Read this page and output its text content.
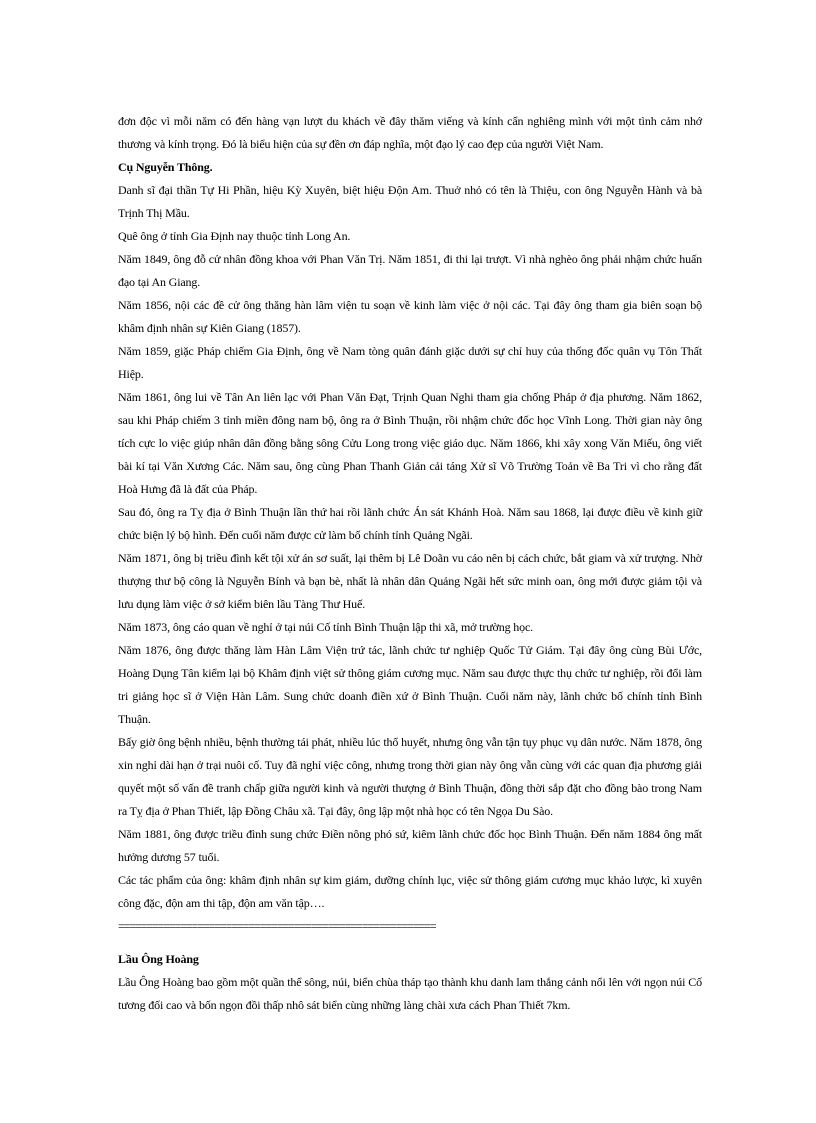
đơn độc vì mỗi năm có đến hàng vạn lượt du khách về đây thăm viếng và kính cẩn nghiêng mình với một tình cảm nhớ thương và kính trọng. Đó là biểu hiện của sự đền ơn đáp nghĩa, một đạo lý cao đẹp của người Việt Nam.

Cụ Nguyễn Thông.

Danh sĩ đại thần Tự Hi Phần, hiệu Kỳ Xuyên, biệt hiệu Độn Am. Thuở nhỏ có tên là Thiệu, con ông Nguyễn Hành và bà Trịnh Thị Mầu.

Quê ông ở tỉnh Gia Định nay thuộc tỉnh Long An.

Năm 1849, ông đỗ cử nhân đồng khoa với Phan Văn Trị. Năm 1851, đi thi lại trượt. Vì nhà nghèo ông phải nhậm chức huấn đạo tại An Giang.

Năm 1856, nội các đề cử ông thăng hàn lâm viện tu soạn về kinh làm việc ở nội các. Tại đây ông tham gia biên soạn bộ khâm định nhân sự Kiên Giang (1857).

Năm 1859, giặc Pháp chiếm Gia Định, ông về Nam tòng quân đánh giặc dưới sự chỉ huy của thống đốc quân vụ Tôn Thất Hiệp.

Năm 1861, ông lui về Tân An liên lạc với Phan Văn Đạt, Trịnh Quan Nghi tham gia chống Pháp ở địa phương. Năm 1862, sau khi Pháp chiếm 3 tỉnh miền đông nam bộ, ông ra ở Bình Thuận, rồi nhậm chức đốc học Vĩnh Long. Thời gian này ông tích cực lo việc giúp nhân dân đồng bằng sông Cửu Long trong việc giáo dục. Năm 1866, khi xây xong Văn Miếu, ông viết bài kí tại Văn Xương Các. Năm sau, ông cùng Phan Thanh Giản cải táng Xử sĩ Võ Trường Toản về Ba Tri vì cho rằng đất Hoà Hưng đã là đất của Pháp.

Sau đó, ông ra Tỵ địa ở Bình Thuận lần thứ hai rồi lãnh chức Án sát Khánh Hoà. Năm sau 1868, lại được điều về kinh giữ chức biện lý bộ hình. Đến cuối năm được cử làm bố chính tỉnh Quảng Ngãi.

Năm 1871, ông bị triều đình kết tội xử án sơ suất, lại thêm bị Lê Doãn vu cáo nên bị cách chức, bắt giam và xử trượng. Nhờ thượng thư bộ công là Nguyễn Bính và bạn bè, nhất là nhân dân Quảng Ngãi hết sức minh oan, ông mới được giảm tội và lưu dụng làm việc ở sở kiểm biên lầu Tàng Thư Huế.

Năm 1873, ông cáo quan về nghỉ ở tại núi Cố tỉnh Bình Thuận lập thi xã, mở trường học.

Năm 1876, ông được thăng làm Hàn Lâm Viện trứ tác, lãnh chức tư nghiệp Quốc Tử Giám. Tại đây ông cùng Bùi Ước, Hoàng Dụng Tân kiểm lại bộ Khâm định việt sử thông giám cương mục. Năm sau được thực thụ chức tư nghiệp, rồi đổi làm tri giảng học sĩ ở Viện Hàn Lâm. Sung chức doanh điền xứ ở Bình Thuận. Cuối năm này, lãnh chức bố chính tỉnh Bình Thuận.

Bấy giờ ông bệnh nhiều, bệnh thường tái phát, nhiều lúc thổ huyết, nhưng ông vẫn tận tụy phục vụ dân nước. Năm 1878, ông xin nghỉ dài hạn ở trại nuôi cố. Tuy đã nghỉ việc công, nhưng trong thời gian này ông vẫn cùng với các quan địa phương giải quyết một số vấn đề tranh chấp giữa người kinh và người thượng ở Bình Thuận, đồng thời sắp đặt cho đồng bào trong Nam ra Tỵ địa ở Phan Thiết, lập Đồng Châu xã. Tại đây, ông lập một nhà học có tên Ngọa Du Sào.

Năm 1881, ông được triều đình sung chức Điền nông phó sứ, kiêm lãnh chức đốc học Bình Thuận. Đến năm 1884 ông mất hưởng dương 57 tuổi.

Các tác phẩm của ông: khâm định nhân sự kim giám, dưỡng chính lục, việc sử thông giám cương mục khảo lược, kì xuyên công đặc, độn am thi tập, độn am văn tập….

========================================================

Lầu Ông Hoàng

Lầu Ông Hoàng bao gồm một quần thể sông, núi, biển chùa tháp tạo thành khu danh lam thắng cảnh nổi lên với ngọn núi Cố tương đối cao và bốn ngọn đồi thấp nhô sát biển cùng những làng chài xưa cách Phan Thiết 7km.
